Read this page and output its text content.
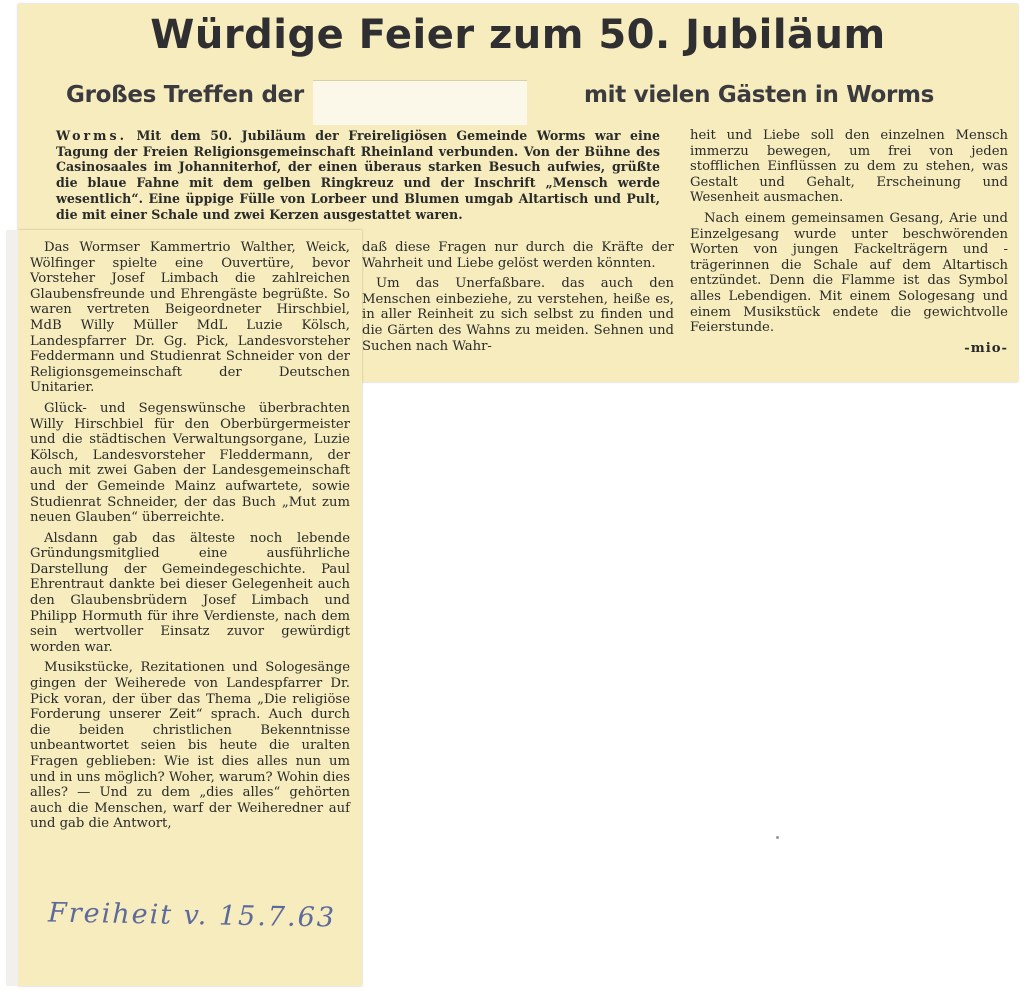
Würdige Feier zum 50. Jubiläum
Großes Treffen der	mit vielen Gästen in Worms
Worms. Mit dem 50. Jubiläum der Freireligiösen Gemeinde Worms war eine Tagung der Freien Religionsgemeinschaft Rheinland verbunden. Von der Bühne des Casinosaales im Johanniterhof, der einen überaus starken Besuch aufwies, grüßte die blaue Fahne mit dem gelben Ringkreuz und der Inschrift „Mensch werde wesentlich“. Eine üppige Fülle von Lorbeer und Blumen umgab Altartisch und Pult, die mit einer Schale und zwei Kerzen ausgestattet waren.

Das Wormser Kammertrio Walther, Weick, Wölfinger spielte eine Ouvertüre, bevor Vorsteher Josef Limbach die zahlreichen Glaubensfreunde und Ehrengäste begrüßte. So waren vertreten Beigeordneter Hirschbiel, MdB Willy Müller MdL Luzie Kölsch, Landespfarrer Dr. Gg. Pick, Landesvorsteher Feddermann und Studienrat Schneider von der Religionsgemeinschaft der Deutschen Unitarier.

Glück- und Segenswünsche überbrachten Willy Hirschbiel für den Oberbürgermeister und die städtischen Verwaltungsorgane, Luzie Kölsch, Landesvorsteher Fleddermann, der auch mit zwei Gaben der Landesgemeinschaft und der Gemeinde Mainz aufwartete, sowie Studienrat Schneider, der das Buch „Mut zum neuen Glauben“ überreichte.

Alsdann gab das älteste noch lebende Gründungsmitglied eine ausführliche Darstellung der Gemeindegeschichte. Paul Ehrentraut dankte bei dieser Gelegenheit auch den Glaubensbrüdern Josef Limbach und Philipp Hormuth für ihre Verdienste, nach dem sein wertvoller Einsatz zuvor gewürdigt worden war.

Musikstücke, Rezitationen und Sologesänge gingen der Weiherede von Landespfarrer Dr. Pick voran, der über das Thema „Die religiöse Forderung unserer Zeit“ sprach. Auch durch die beiden christlichen Bekenntnisse unbeantwortet seien bis heute die uralten Fragen geblieben: Wie ist dies alles nun um und in uns möglich? Woher, warum? Wohin dies alles? — Und zu dem „dies alles“ gehörten auch die Menschen, warf der Weiheredner auf und gab die Antwort,

daß diese Fragen nur durch die Kräfte der Wahrheit und Liebe gelöst werden könnten.

Um das Unerfaßbare. das auch den Menschen einbeziehe, zu verstehen, heiße es, in aller Reinheit zu sich selbst zu finden und die Gärten des Wahns zu meiden. Sehnen und Suchen nach Wahr-

heit und Liebe soll den einzelnen Mensch immerzu bewegen, um frei von jeden stofflichen Einflüssen zu dem zu stehen, was Gestalt und Gehalt, Erscheinung und Wesenheit ausmachen.

Nach einem gemeinsamen Gesang, Arie und Einzelgesang wurde unter beschwörenden Worten von jungen Fackelträgern und -trägerinnen die Schale auf dem Altartisch entzündet. Denn die Flamme ist das Symbol alles Lebendigen. Mit einem Sologesang und einem Musikstück endete die gewichtvolle Feierstunde.

-mio-
Freiheit v. 15.7.63
